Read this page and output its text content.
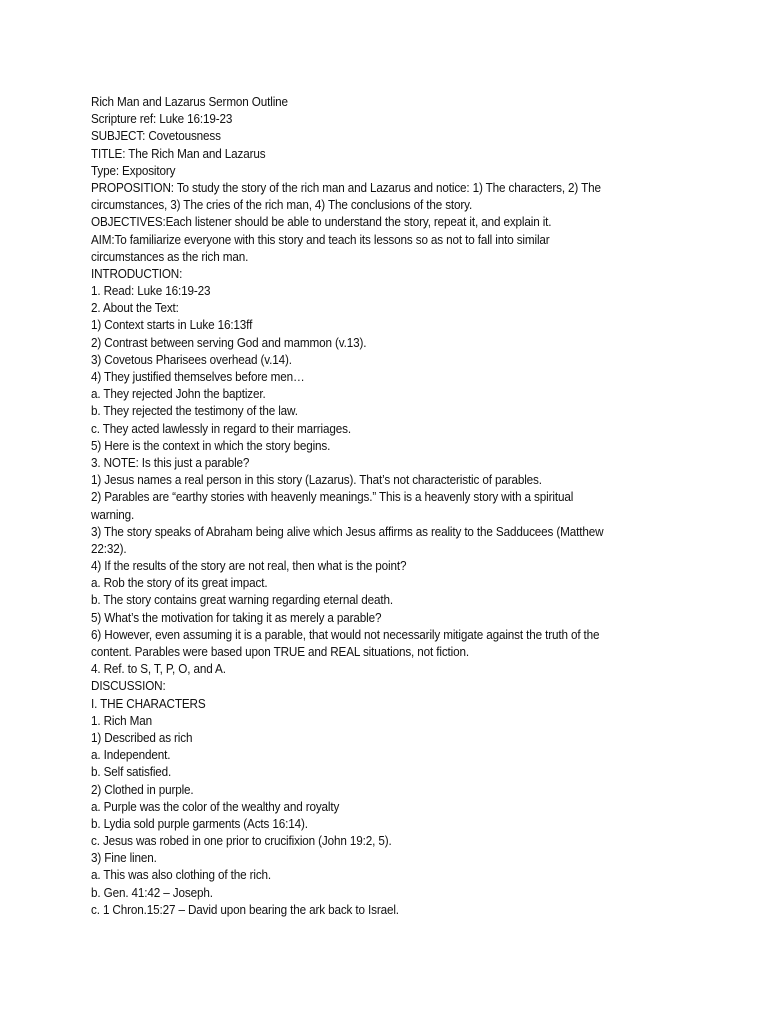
Rich Man and Lazarus Sermon Outline
Scripture ref: Luke 16:19-23
SUBJECT: Covetousness
TITLE: The Rich Man and Lazarus
Type: Expository
PROPOSITION: To study the story of the rich man and Lazarus and notice: 1) The characters, 2) The
circumstances, 3) The cries of the rich man, 4) The conclusions of the story.
OBJECTIVES:Each listener should be able to understand the story, repeat it, and explain it.
AIM:To familiarize everyone with this story and teach its lessons so as not to fall into similar
circumstances as the rich man.
INTRODUCTION:
1. Read: Luke 16:19-23
2. About the Text:
1) Context starts in Luke 16:13ff
2) Contrast between serving God and mammon (v.13).
3) Covetous Pharisees overhead (v.14).
4) They justified themselves before men…
a. They rejected John the baptizer.
b. They rejected the testimony of the law.
c. They acted lawlessly in regard to their marriages.
5) Here is the context in which the story begins.
3. NOTE: Is this just a parable?
1) Jesus names a real person in this story (Lazarus). That’s not characteristic of parables.
2) Parables are “earthy stories with heavenly meanings.” This is a heavenly story with a spiritual
warning.
3) The story speaks of Abraham being alive which Jesus affirms as reality to the Sadducees (Matthew
22:32).
4) If the results of the story are not real, then what is the point?
a. Rob the story of its great impact.
b. The story contains great warning regarding eternal death.
5) What’s the motivation for taking it as merely a parable?
6) However, even assuming it is a parable, that would not necessarily mitigate against the truth of the
content. Parables were based upon TRUE and REAL situations, not fiction.
4. Ref. to S, T, P, O, and A.
DISCUSSION:
I. THE CHARACTERS
1. Rich Man
1) Described as rich
a. Independent.
b. Self satisfied.
2) Clothed in purple.
a. Purple was the color of the wealthy and royalty
b. Lydia sold purple garments (Acts 16:14).
c. Jesus was robed in one prior to crucifixion (John 19:2, 5).
3) Fine linen.
a. This was also clothing of the rich.
b. Gen. 41:42 – Joseph.
c. 1 Chron.15:27 – David upon bearing the ark back to Israel.
